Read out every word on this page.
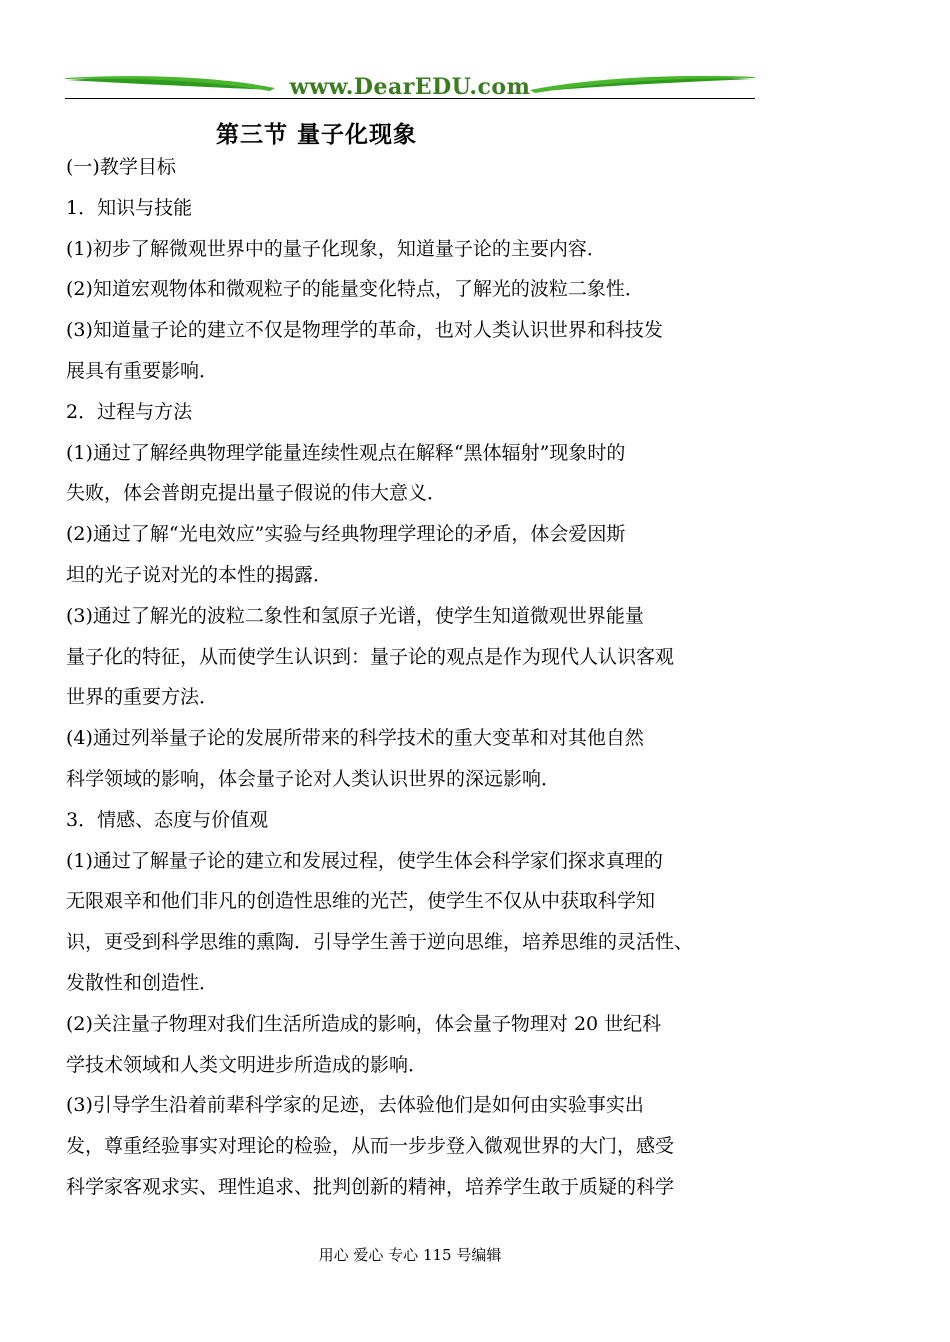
www.DearEDU.com
第三节 量子化现象

(一)教学目标

1．知识与技能

(1)初步了解微观世界中的量子化现象，知道量子论的主要内容．

(2)知道宏观物体和微观粒子的能量变化特点，了解光的波粒二象性．

(3)知道量子论的建立不仅是物理学的革命，也对人类认识世界和科技发

展具有重要影响．

2．过程与方法

(1)通过了解经典物理学能量连续性观点在解释“黑体辐射”现象时的

失败，体会普朗克提出量子假说的伟大意义．

(2)通过了解“光电效应”实验与经典物理学理论的矛盾，体会爱因斯

坦的光子说对光的本性的揭露．

(3)通过了解光的波粒二象性和氢原子光谱，使学生知道微观世界能量

量子化的特征，从而使学生认识到：量子论的观点是作为现代人认识客观

世界的重要方法．

(4)通过列举量子论的发展所带来的科学技术的重大变革和对其他自然

科学领域的影响，体会量子论对人类认识世界的深远影响．

3．情感、态度与价值观

(1)通过了解量子论的建立和发展过程，使学生体会科学家们探求真理的

无限艰辛和他们非凡的创造性思维的光芒，使学生不仅从中获取科学知

识，更受到科学思维的熏陶．引导学生善于逆向思维，培养思维的灵活性、

发散性和创造性．

(2)关注量子物理对我们生活所造成的影响，体会量子物理对 20 世纪科

学技术领域和人类文明进步所造成的影响．

(3)引导学生沿着前辈科学家的足迹，去体验他们是如何由实验事实出

发，尊重经验事实对理论的检验，从而一步步登入微观世界的大门，感受

科学家客观求实、理性追求、批判创新的精神，培养学生敢于质疑的科学

用心 爱心 专心 115 号编辑
